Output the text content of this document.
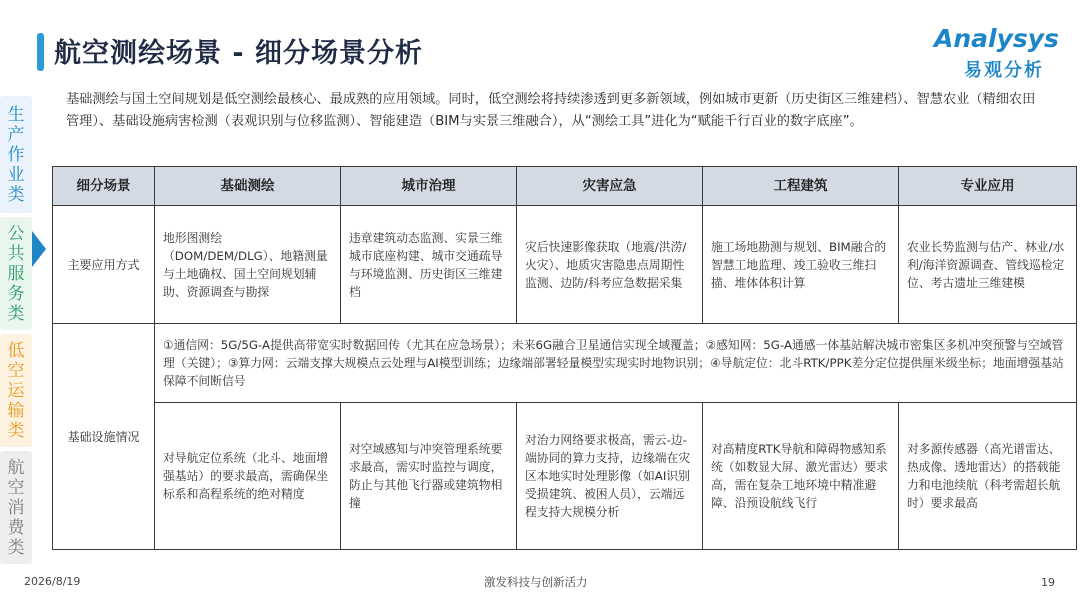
航空测绘场景 - 细分场景分析	Analysys
易观分析
基础测绘与国土空间规划是低空测绘最核心、最成熟的应用领域。同时，低空测绘将持续渗透到更多新领域，例如城市更新（历史街区三维建档）、智慧农业（精细农田管理）、基础设施病害检测（表观识别与位移监测）、智能建造（BIM与实景三维融合），从“测绘工具”进化为“赋能千行百业的数字底座”。
生
产
作
业
类
公
共
服
务
类
低
空
运
输
类
航
空
消
费
类
细分场景	基础测绘	城市治理	灾害应急	工程建筑	专业应用
主要应用方式	地形图测绘（DOM/DEM/DLG）、地籍测量与土地确权、国土空间规划辅助、资源调查与勘探	违章建筑动态监测、实景三维城市底座构建、城市交通疏导与环境监测、历史街区三维建档	灾后快速影像获取（地震/洪涝/火灾）、地质灾害隐患点周期性监测、边防/科考应急数据采集	施工场地勘测与规划、BIM融合的智慧工地监理、竣工验收三维扫描、堆体体积计算	农业长势监测与估产、林业/水利/海洋资源调查、管线巡检定位、考古遗址三维建模
基础设施情况	①通信网：5G/5G-A提供高带宽实时数据回传（尤其在应急场景）；未来6G融合卫星通信实现全域覆盖；②感知网：5G-A通感一体基站解决城市密集区多机冲突预警与空域管理（关键）；③算力网：云端支撑大规模点云处理与AI模型训练；边缘端部署轻量模型实现实时地物识别；④导航定位：北斗RTK/PPK差分定位提供厘米级坐标；地面增强基站保障不间断信号				
	对导航定位系统（北斗、地面增强基站）的要求最高，需确保坐标系和高程系统的绝对精度	对空域感知与冲突管理系统要求最高，需实时监控与调度，防止与其他飞行器或建筑物相撞	对治力网络要求极高，需云-边-端协同的算力支持，边缘端在灾区本地实时处理影像（如AI识别受损建筑、被困人员），云端远程支持大规模分析	对高精度RTK导航和障碍物感知系统（如数显大屏、激光雷达）要求高，需在复杂工地环境中精准避障、沿预设航线飞行	对多源传感器（高光谱雷达、热成像、透地雷达）的搭载能力和电池续航（科考需超长航时）要求最高
2026/8/19	激发科技与创新活力	19
